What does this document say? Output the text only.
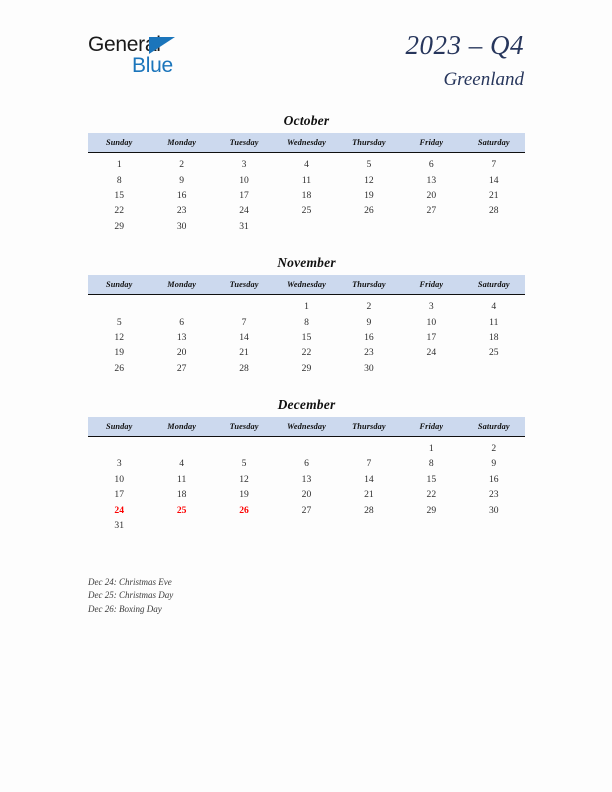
General
Blue
2023 – Q4
Greenland
October
Sunday	Monday	Tuesday	Wednesday	Thursday	Friday	Saturday
1	2	3	4	5	6	7
8	9	10	11	12	13	14
15	16	17	18	19	20	21
22	23	24	25	26	27	28
29	30	31				
November
Sunday	Monday	Tuesday	Wednesday	Thursday	Friday	Saturday
			1	2	3	4
5	6	7	8	9	10	11
12	13	14	15	16	17	18
19	20	21	22	23	24	25
26	27	28	29	30		
December
Sunday	Monday	Tuesday	Wednesday	Thursday	Friday	Saturday
					1	2
3	4	5	6	7	8	9
10	11	12	13	14	15	16
17	18	19	20	21	22	23
24	25	26	27	28	29	30
31						
Dec 24: Christmas Eve
Dec 25: Christmas Day
Dec 26: Boxing Day
